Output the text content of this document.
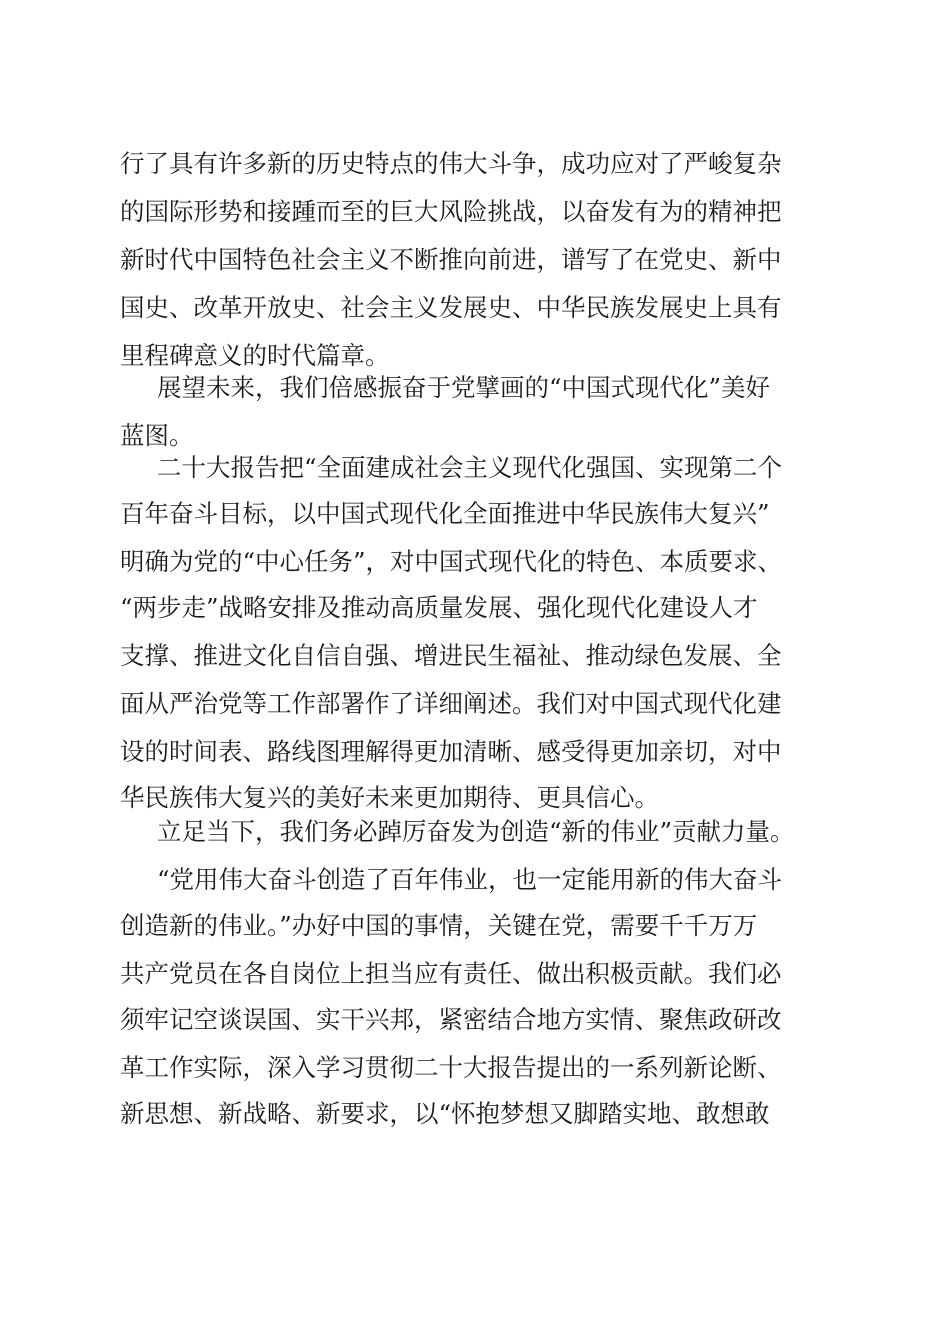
行了具有许多新的历史特点的伟大斗争，成功应对了严峻复杂
的国际形势和接踵而至的巨大风险挑战，以奋发有为的精神把
新时代中国特色社会主义不断推向前进，谱写了在党史、新中
国史、改革开放史、社会主义发展史、中华民族发展史上具有
里程碑意义的时代篇章。
展望未来，我们倍感振奋于党擘画的“中国式现代化”美好
蓝图。
二十大报告把“全面建成社会主义现代化强国、实现第二个
百年奋斗目标，以中国式现代化全面推进中华民族伟大复兴”
明确为党的“中心任务”，对中国式现代化的特色、本质要求、
“两步走”战略安排及推动高质量发展、强化现代化建设人才
支撑、推进文化自信自强、增进民生福祉、推动绿色发展、全
面从严治党等工作部署作了详细阐述。我们对中国式现代化建
设的时间表、路线图理解得更加清晰、感受得更加亲切，对中
华民族伟大复兴的美好未来更加期待、更具信心。
立足当下，我们务必踔厉奋发为创造“新的伟业”贡献力量。
“党用伟大奋斗创造了百年伟业，也一定能用新的伟大奋斗
创造新的伟业。”办好中国的事情，关键在党，需要千千万万
共产党员在各自岗位上担当应有责任、做出积极贡献。我们必
须牢记空谈误国、实干兴邦，紧密结合地方实情、聚焦政研改
革工作实际，深入学习贯彻二十大报告提出的一系列新论断、
新思想、新战略、新要求，以“怀抱梦想又脚踏实地、敢想敢
